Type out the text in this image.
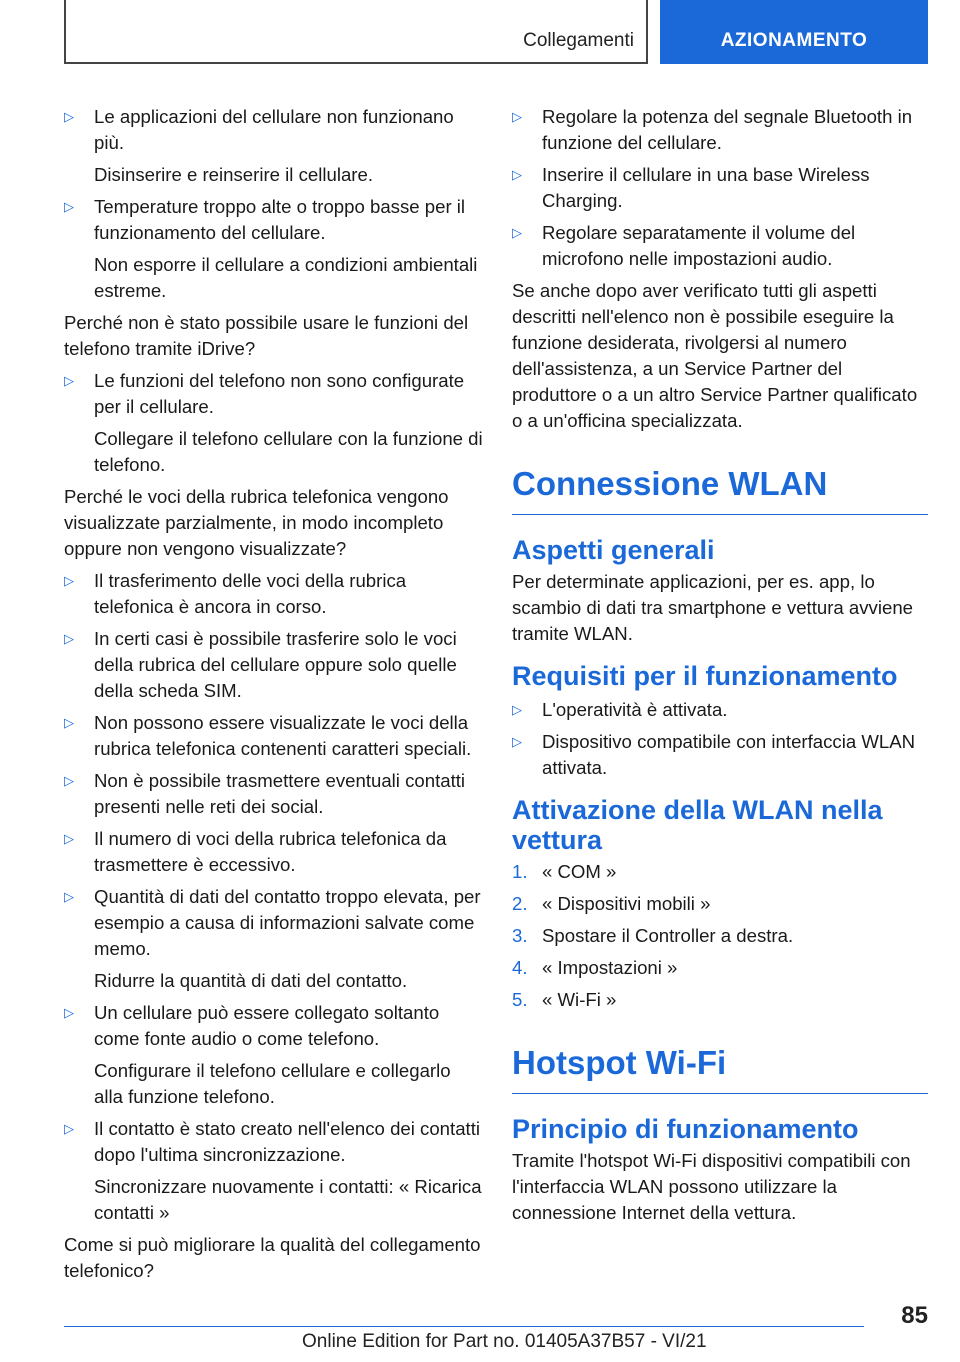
Collegamenti	AZIONAMENTO
▷ Le applicazioni del cellulare non funzionano più.

Disinserire e reinserire il cellulare.

▷ Temperature troppo alte o troppo basse per il funzionamento del cellulare.

Non esporre il cellulare a condizioni ambientali estreme.

Perché non è stato possibile usare le funzioni del telefono tramite iDrive?

▷ Le funzioni del telefono non sono configurate per il cellulare.

Collegare il telefono cellulare con la funzione di telefono.

Perché le voci della rubrica telefonica vengono visualizzate parzialmente, in modo incompleto oppure non vengono visualizzate?

▷ Il trasferimento delle voci della rubrica telefonica è ancora in corso.

▷ In certi casi è possibile trasferire solo le voci della rubrica del cellulare oppure solo quelle della scheda SIM.

▷ Non possono essere visualizzate le voci della rubrica telefonica contenenti caratteri speciali.

▷ Non è possibile trasmettere eventuali contatti presenti nelle reti dei social.

▷ Il numero di voci della rubrica telefonica da trasmettere è eccessivo.

▷ Quantità di dati del contatto troppo elevata, per esempio a causa di informazioni salvate come memo.

Ridurre la quantità di dati del contatto.

▷ Un cellulare può essere collegato soltanto come fonte audio o come telefono.

Configurare il telefono cellulare e collegarlo alla funzione telefono.

▷ Il contatto è stato creato nell'elenco dei contatti dopo l'ultima sincronizzazione.

Sincronizzare nuovamente i contatti: « Ricarica contatti »

Come si può migliorare la qualità del collegamento telefonico?

▷ Regolare la potenza del segnale Bluetooth in funzione del cellulare.

▷ Inserire il cellulare in una base Wireless Charging.

▷ Regolare separatamente il volume del microfono nelle impostazioni audio.

Se anche dopo aver verificato tutti gli aspetti descritti nell'elenco non è possibile eseguire la funzione desiderata, rivolgersi al numero dell'assistenza, a un Service Partner del produttore o a un altro Service Partner qualificato o a un'officina specializzata.

Connessione WLAN
Aspetti generali

Per determinate applicazioni, per es. app, lo scambio di dati tra smartphone e vettura avviene tramite WLAN.

Requisiti per il funzionamento
▷ L'operatività è attivata.

▷ Dispositivo compatibile con interfaccia WLAN attivata.

Attivazione della WLAN nella vettura
1. « COM »

2. « Dispositivi mobili »

3. Spostare il Controller a destra.

4. « Impostazioni »

5. « Wi-Fi »

Hotspot Wi-Fi
Principio di funzionamento

Tramite l'hotspot Wi-Fi dispositivi compatibili con l'interfaccia WLAN possono utilizzare la connessione Internet della vettura.

85
Online Edition for Part no. 01405A37B57 - VI/21
